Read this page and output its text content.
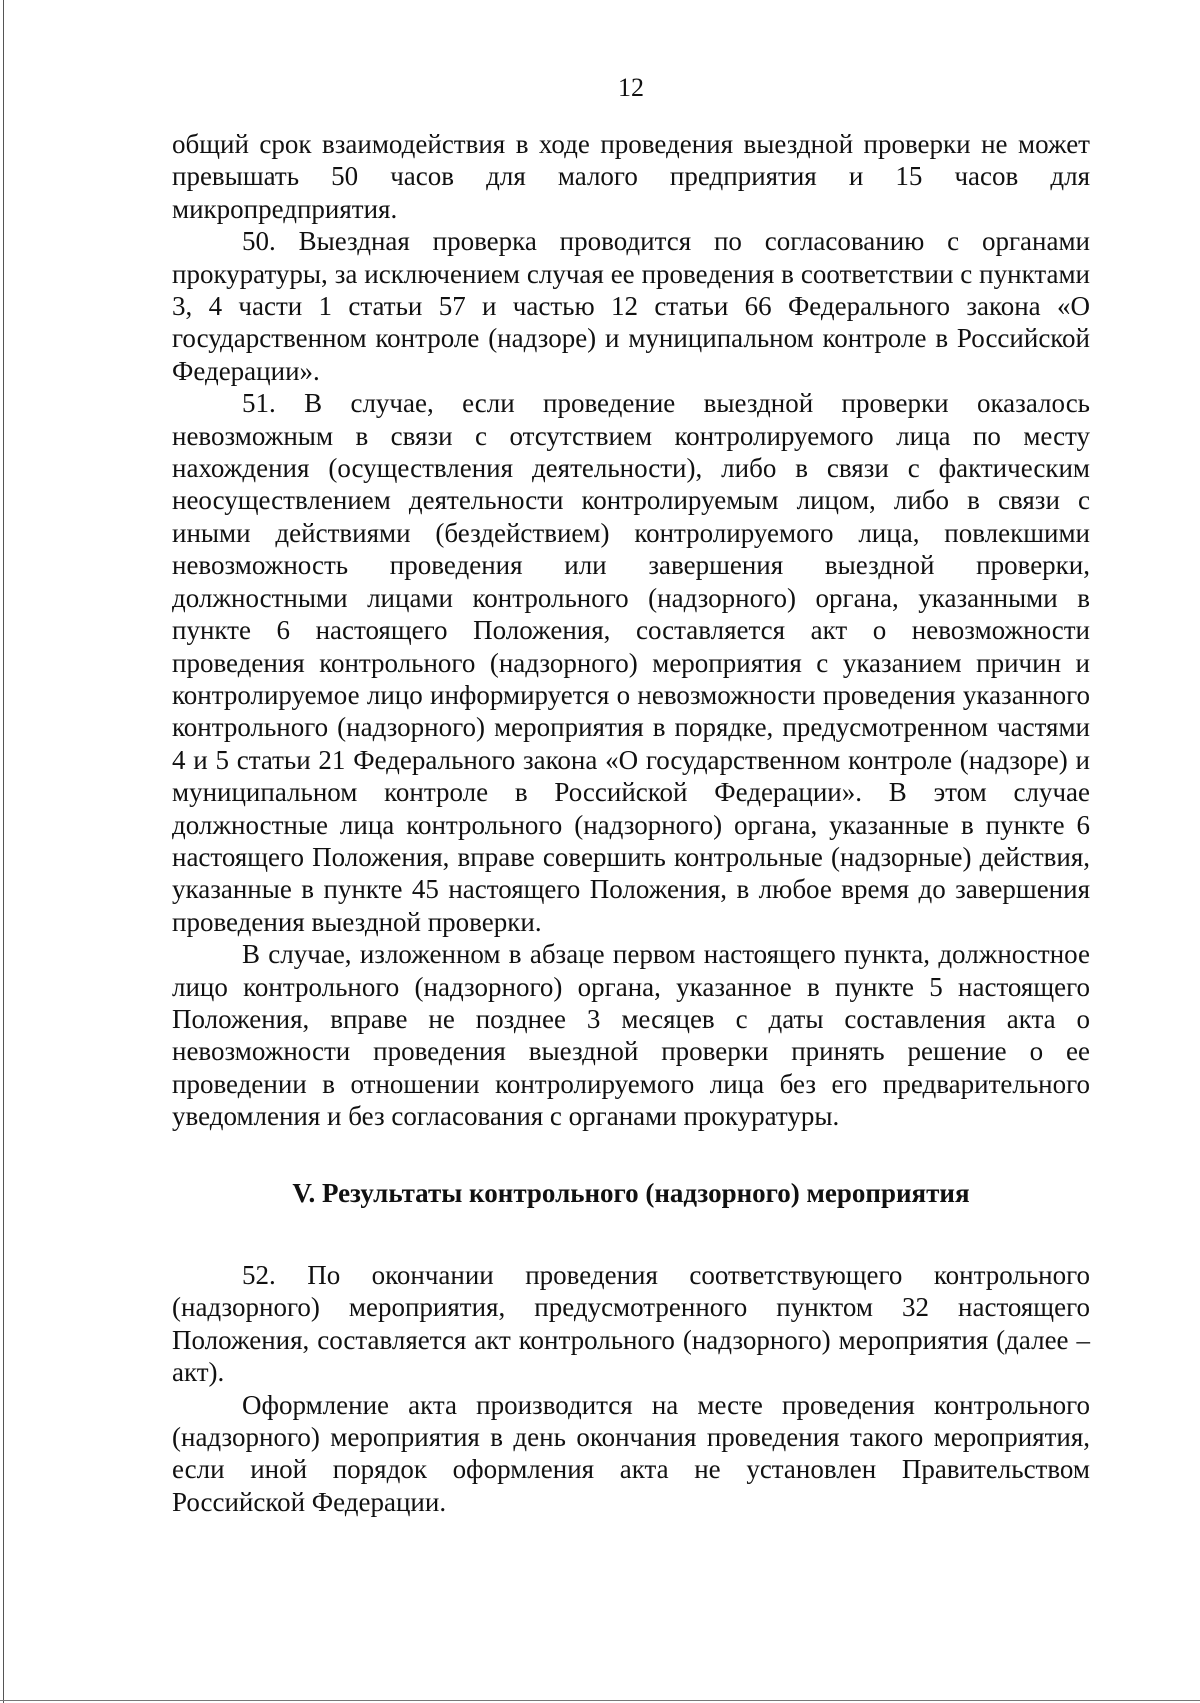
12

общий срок взаимодействия в ходе проведения выездной проверки не может превышать 50 часов для малого предприятия и 15 часов для микропредприятия.

50. Выездная проверка проводится по согласованию с органами прокуратуры, за исключением случая ее проведения в соответствии с пунктами 3, 4 части 1 статьи 57 и частью 12 статьи 66 Федерального закона «О государственном контроле (надзоре) и муниципальном контроле в Российской Федерации».

51. В случае, если проведение выездной проверки оказалось невозможным в связи с отсутствием контролируемого лица по месту нахождения (осуществления деятельности), либо в связи с фактическим неосуществлением деятельности контролируемым лицом, либо в связи с иными действиями (бездействием) контролируемого лица, повлекшими невозможность проведения или завершения выездной проверки, должностными лицами контрольного (надзорного) органа, указанными в пункте 6 настоящего Положения, составляется акт о невозможности проведения контрольного (надзорного) мероприятия с указанием причин и контролируемое лицо информируется о невозможности проведения указанного контрольного (надзорного) мероприятия в порядке, предусмотренном частями 4 и 5 статьи 21 Федерального закона «О государственном контроле (надзоре) и муниципальном контроле в Российской Федерации». В этом случае должностные лица контрольного (надзорного) органа, указанные в пункте 6 настоящего Положения, вправе совершить контрольные (надзорные) действия, указанные в пункте 45 настоящего Положения, в любое время до завершения проведения выездной проверки.

В случае, изложенном в абзаце первом настоящего пункта, должностное лицо контрольного (надзорного) органа, указанное в пункте 5 настоящего Положения, вправе не позднее 3 месяцев с даты составления акта о невозможности проведения выездной проверки принять решение о ее проведении в отношении контролируемого лица без его предварительного уведомления и без согласования с органами прокуратуры.

V. Результаты контрольного (надзорного) мероприятия

52. По окончании проведения соответствующего контрольного (надзорного) мероприятия, предусмотренного пунктом 32 настоящего Положения, составляется акт контрольного (надзорного) мероприятия (далее – акт).

Оформление акта производится на месте проведения контрольного (надзорного) мероприятия в день окончания проведения такого мероприятия, если иной порядок оформления акта не установлен Правительством Российской Федерации.
